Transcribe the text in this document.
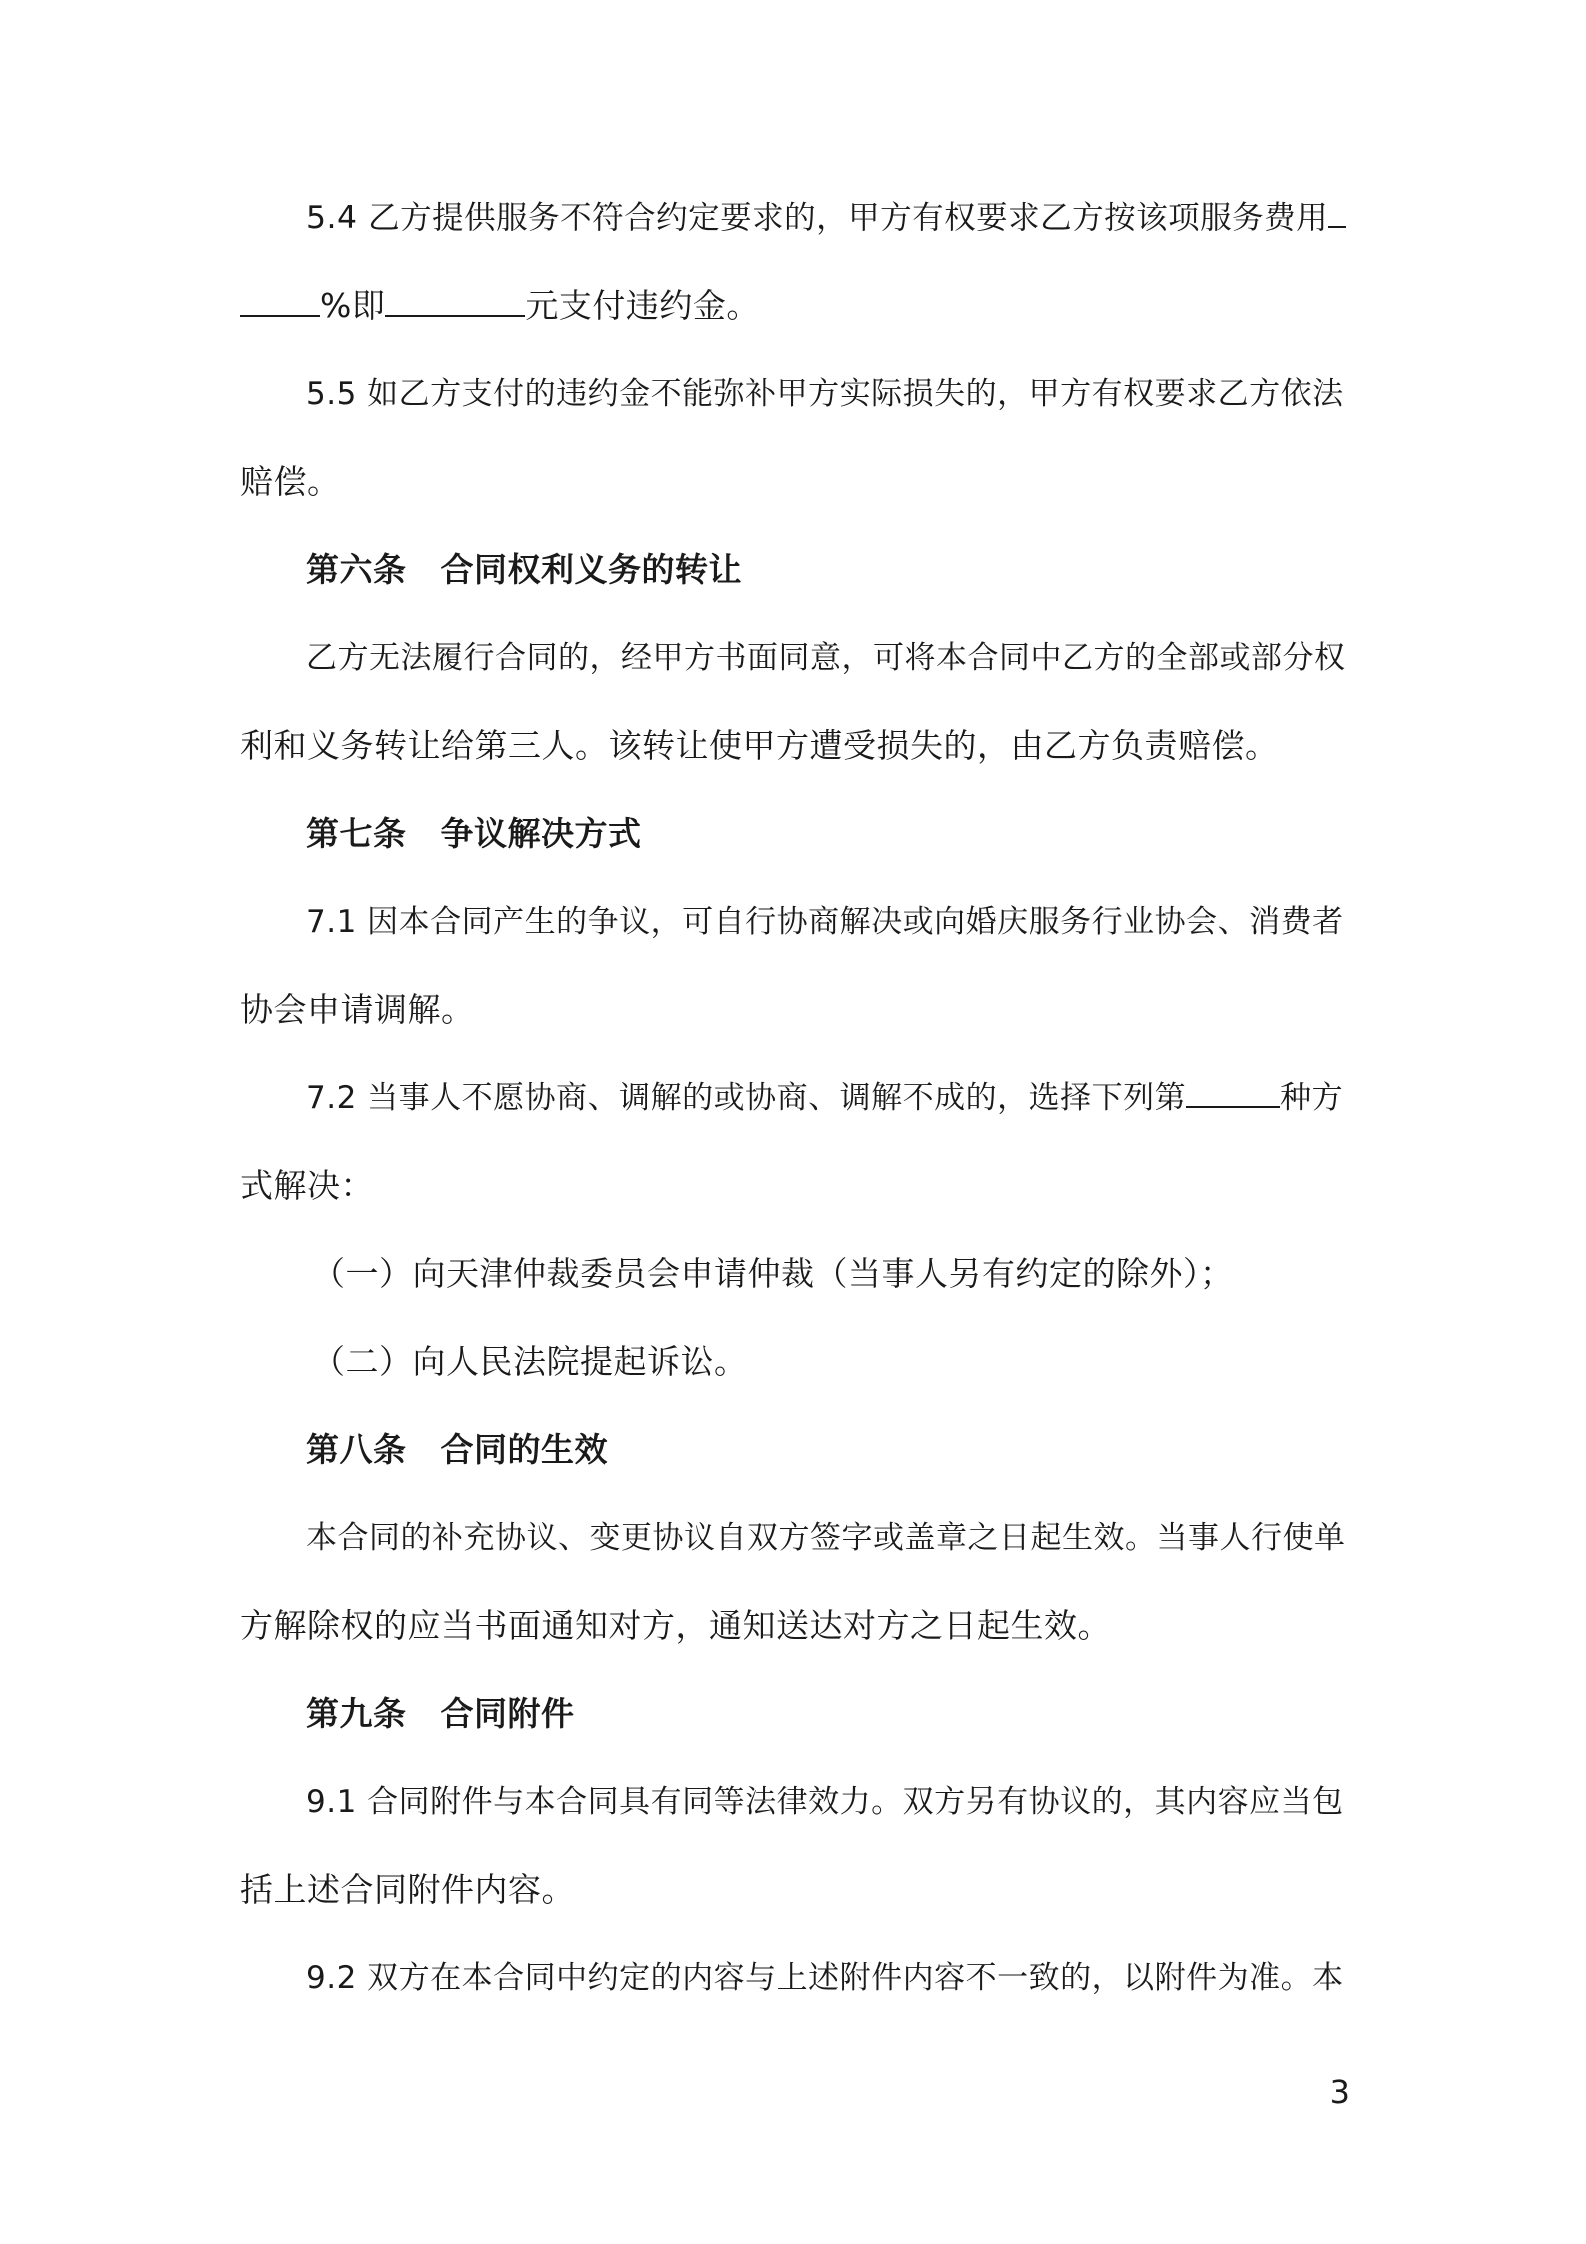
5.4 乙方提供服务不符合约定要求的，甲方有权要求乙方按该项服务费用
%即	元支付违约金。
5.5 如乙方支付的违约金不能弥补甲方实际损失的，甲方有权要求乙方依法
赔偿。
第六条 合同权利义务的转让
乙方无法履行合同的，经甲方书面同意，可将本合同中乙方的全部或部分权
利和义务转让给第三人。该转让使甲方遭受损失的，由乙方负责赔偿。
第七条 争议解决方式
7.1 因本合同产生的争议，可自行协商解决或向婚庆服务行业协会、消费者
协会申请调解。
7.2 当事人不愿协商、调解的或协商、调解不成的，选择下列第	种方
式解决：
（一）向天津仲裁委员会申请仲裁（当事人另有约定的除外）；
（二）向人民法院提起诉讼。
第八条 合同的生效
本合同的补充协议、变更协议自双方签字或盖章之日起生效。当事人行使单
方解除权的应当书面通知对方，通知送达对方之日起生效。
第九条 合同附件
9.1 合同附件与本合同具有同等法律效力。双方另有协议的，其内容应当包
括上述合同附件内容。
9.2 双方在本合同中约定的内容与上述附件内容不一致的，以附件为准。本
3
